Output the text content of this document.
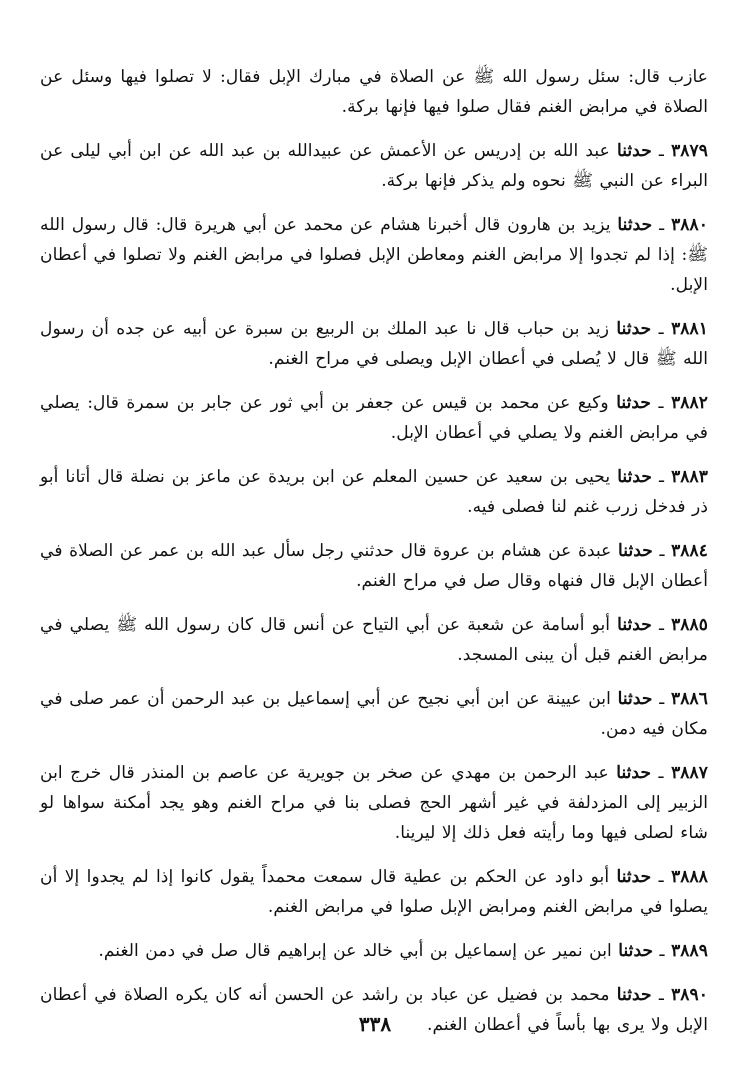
عازب قال: سئل رسول الله ﷺ عن الصلاة في مبارك الإبل فقال: لا تصلوا فيها وسئل عن الصلاة في مرابض الغنم فقال صلوا فيها فإنها بركة.

٣٨٧٩ ـ حدثنا عبد الله بن إدريس عن الأعمش عن عبيدالله بن عبد الله عن ابن أبي ليلى عن البراء عن النبي ﷺ نحوه ولم يذكر فإنها بركة.

٣٨٨٠ ـ حدثنا يزيد بن هارون قال أخبرنا هشام عن محمد عن أبي هريرة قال: قال رسول الله ﷺ: إذا لم تجدوا إلا مرابض الغنم ومعاطن الإبل فصلوا في مرابض الغنم ولا تصلوا في أعطان الإبل.

٣٨٨١ ـ حدثنا زيد بن حباب قال نا عبد الملك بن الربيع بن سبرة عن أبيه عن جده أن رسول الله ﷺ قال لا يُصلى في أعطان الإبل ويصلى في مراح الغنم.

٣٨٨٢ ـ حدثنا وكيع عن محمد بن قيس عن جعفر بن أبي ثور عن جابر بن سمرة قال: يصلي في مرابض الغنم ولا يصلي في أعطان الإبل.

٣٨٨٣ ـ حدثنا يحيى بن سعيد عن حسين المعلم عن ابن بريدة عن ماعز بن نضلة قال أتانا أبو ذر فدخل زرب غنم لنا فصلى فيه.

٣٨٨٤ ـ حدثنا عبدة عن هشام بن عروة قال حدثني رجل سأل عبد الله بن عمر عن الصلاة في أعطان الإبل قال فنهاه وقال صل في مراح الغنم.

٣٨٨٥ ـ حدثنا أبو أسامة عن شعبة عن أبي التياح عن أنس قال كان رسول الله ﷺ يصلي في مرابض الغنم قبل أن يبنى المسجد.

٣٨٨٦ ـ حدثنا ابن عيينة عن ابن أبي نجيح عن أبي إسماعيل بن عبد الرحمن أن عمر صلى في مكان فيه دمن.

٣٨٨٧ ـ حدثنا عبد الرحمن بن مهدي عن صخر بن جويرية عن عاصم بن المنذر قال خرج ابن الزبير إلى المزدلفة في غير أشهر الحج فصلى بنا في مراح الغنم وهو يجد أمكنة سواها لو شاء لصلى فيها وما رأيته فعل ذلك إلا ليرينا.

٣٨٨٨ ـ حدثنا أبو داود عن الحكم بن عطية قال سمعت محمداً يقول كانوا إذا لم يجدوا إلا أن يصلوا في مرابض الغنم ومرابض الإبل صلوا في مرابض الغنم.

٣٨٨٩ ـ حدثنا ابن نمير عن إسماعيل بن أبي خالد عن إبراهيم قال صل في دمن الغنم.

٣٨٩٠ ـ حدثنا محمد بن فضيل عن عباد بن راشد عن الحسن أنه كان يكره الصلاة في أعطان الإبل ولا يرى بها بأساً في أعطان الغنم.

٣٣٨
